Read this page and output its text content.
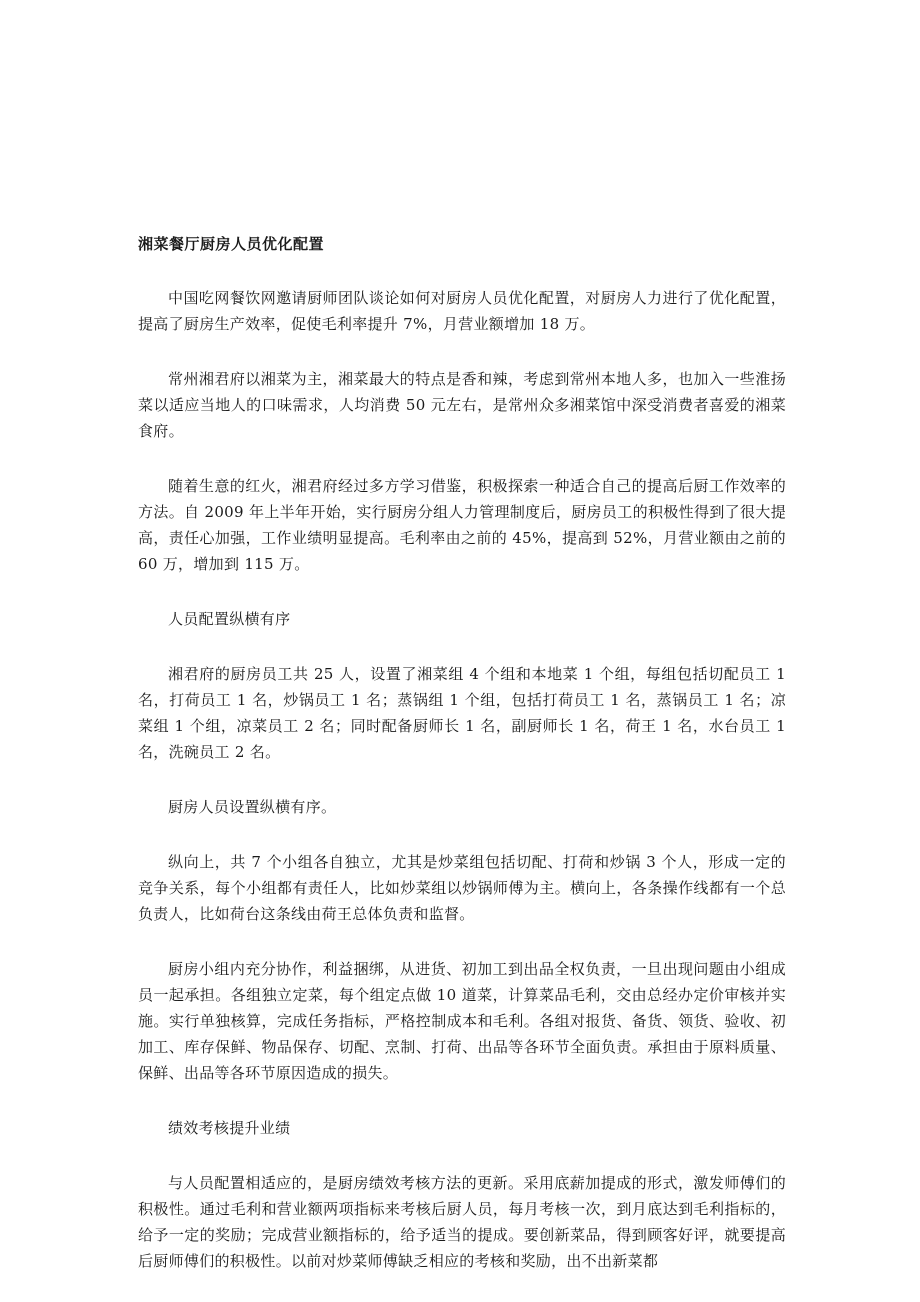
湘菜餐厅厨房人员优化配置

中国吃网餐饮网邀请厨师团队谈论如何对厨房人员优化配置，对厨房人力进行了优化配置，提高了厨房生产效率，促使毛利率提升 7%，月营业额增加 18 万。

常州湘君府以湘菜为主，湘菜最大的特点是香和辣，考虑到常州本地人多，也加入一些淮扬菜以适应当地人的口味需求，人均消费 50 元左右，是常州众多湘菜馆中深受消费者喜爱的湘菜食府。

随着生意的红火，湘君府经过多方学习借鉴，积极探索一种适合自己的提高后厨工作效率的方法。自 2009 年上半年开始，实行厨房分组人力管理制度后，厨房员工的积极性得到了很大提高，责任心加强，工作业绩明显提高。毛利率由之前的 45%，提高到 52%，月营业额由之前的 60 万，增加到 115 万。

人员配置纵横有序

湘君府的厨房员工共 25 人，设置了湘菜组 4 个组和本地菜 1 个组，每组包括切配员工 1 名，打荷员工 1 名，炒锅员工 1 名；蒸锅组 1 个组，包括打荷员工 1 名，蒸锅员工 1 名；凉菜组 1 个组，凉菜员工 2 名；同时配备厨师长 1 名，副厨师长 1 名，荷王 1 名，水台员工 1 名，洗碗员工 2 名。

厨房人员设置纵横有序。

纵向上，共 7 个小组各自独立，尤其是炒菜组包括切配、打荷和炒锅 3 个人，形成一定的竞争关系，每个小组都有责任人，比如炒菜组以炒锅师傅为主。横向上，各条操作线都有一个总负责人，比如荷台这条线由荷王总体负责和监督。

厨房小组内充分协作，利益捆绑，从进货、初加工到出品全权负责，一旦出现问题由小组成员一起承担。各组独立定菜，每个组定点做 10 道菜，计算菜品毛利，交由总经办定价审核并实施。实行单独核算，完成任务指标，严格控制成本和毛利。各组对报货、备货、领货、验收、初加工、库存保鲜、物品保存、切配、烹制、打荷、出品等各环节全面负责。承担由于原料质量、保鲜、出品等各环节原因造成的损失。

绩效考核提升业绩

与人员配置相适应的，是厨房绩效考核方法的更新。采用底薪加提成的形式，激发师傅们的积极性。通过毛利和营业额两项指标来考核后厨人员，每月考核一次，到月底达到毛利指标的，给予一定的奖励；完成营业额指标的，给予适当的提成。要创新菜品，得到顾客好评，就要提高后厨师傅们的积极性。以前对炒菜师傅缺乏相应的考核和奖励，出不出新菜都
